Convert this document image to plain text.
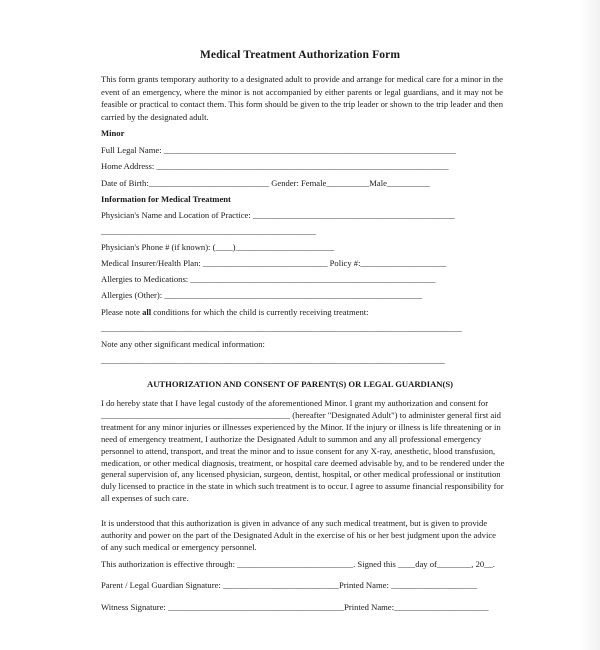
Medical Treatment Authorization Form
This form grants temporary authority to a designated adult to provide and arrange for medical care for a minor in the event of an emergency, where the minor is not accompanied by either parents or legal guardians, and it may not be feasible or practical to contact them. This form should be given to the trip leader or shown to the trip leader and then carried by the designated adult.
Minor
Full Legal Name: ____________________________________________________________________
Home Address: ____________________________________________________________________
Date of Birth:____________________________ Gender: Female__________Male__________
Information for Medical Treatment
Physician's Name and Location of Practice: _______________________________________________
__________________________________________________
Physician's Phone # (if known): (____)_______________________
Medical Insurer/Health Plan: _____________________________ Policy #:____________________
Allergies to Medications: _________________________________________________________
Allergies (Other): ____________________________________________________________
Please note all conditions for which the child is currently receiving treatment:
____________________________________________________________________________________
Note any other significant medical information:
________________________________________________________________________________
AUTHORIZATION AND CONSENT OF PARENT(S) OR LEGAL GUARDIAN(S)
I do hereby state that I have legal custody of the aforementioned Minor. I grant my authorization and consent for ____________________________________________ (hereafter "Designated Adult") to administer general first aid treatment for any minor injuries or illnesses experienced by the Minor. If the injury or illness is life threatening or in need of emergency treatment, I authorize the Designated Adult to summon and any all professional emergency personnel to attend, transport, and treat the minor and to issue consent for any X-ray, anesthetic, blood transfusion, medication, or other medical diagnosis, treatment, or hospital care deemed advisable by, and to be rendered under the general supervision of, any licensed physician, surgeon, dentist, hospital, or other medical professional or institution duly licensed to practice in the state in which such treatment is to occur. I agree to assume financial responsibility for all expenses of such care.
It is understood that this authorization is given in advance of any such medical treatment, but is given to provide authority and power on the part of the Designated Adult in the exercise of his or her best judgment upon the advice of any such medical or emergency personnel.
This authorization is effective through: ___________________________. Signed this ____day of________, 20__.
Parent / Legal Guardian Signature: ___________________________Printed Name: ____________________
Witness Signature: _________________________________________Printed Name:______________________
